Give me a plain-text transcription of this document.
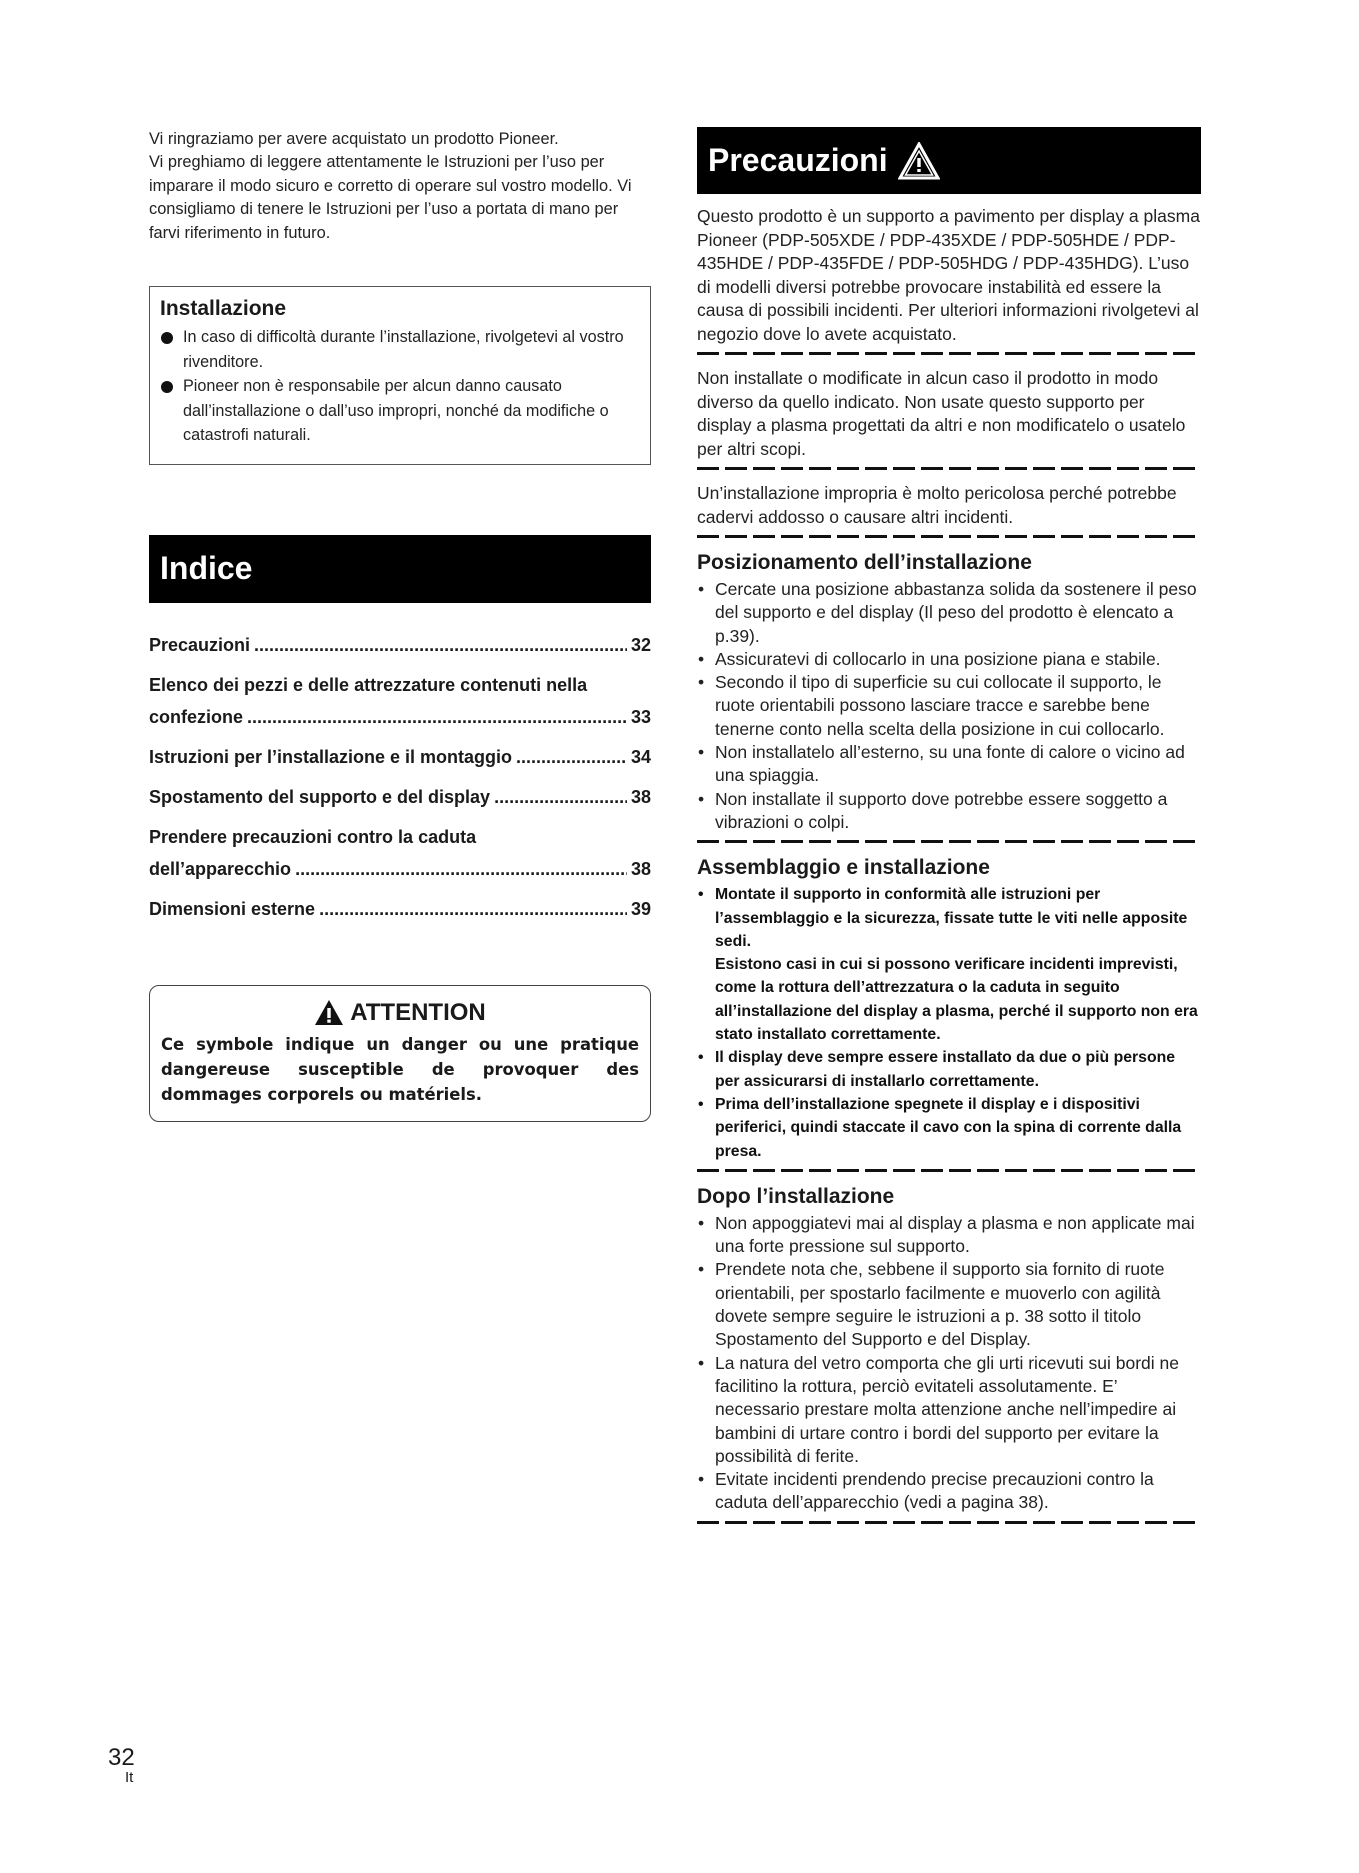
Vi ringraziamo per avere acquistato un prodotto Pioneer.

Vi preghiamo di leggere attentamente le Istruzioni per l’uso per imparare il modo sicuro e corretto di operare sul vostro modello. Vi consigliamo di tenere le Istruzioni per l’uso a portata di mano per farvi riferimento in futuro.

Installazione
In caso di difficoltà durante l’installazione, rivolgetevi al vostro rivenditore.
Pioneer non è responsabile per alcun danno causato dall’installazione o dall’uso impropri, nonché da modifiche o catastrofi naturali.
Indice
Precauzioni .....	32
Elenco dei pezzi e delle attrezzature contenuti nella
confezione .....	33
Istruzioni per l’installazione e il montaggio .....	34
Spostamento del supporto e del display .....	38
Prendere precauzioni contro la caduta
dell’apparecchio .....	38
Dimensioni esterne .....	39
ATTENTION
Ce symbole indique un danger ou une pratique dangereuse susceptible de provoquer des dommages corporels ou matériels.
Precauzioni

Questo prodotto è un supporto a pavimento per display a plasma Pioneer (PDP-505XDE / PDP-435XDE / PDP-505HDE / PDP-435HDE / PDP-435FDE / PDP-505HDG / PDP-435HDG). L’uso di modelli diversi potrebbe provocare instabilità ed essere la causa di possibili incidenti. Per ulteriori informazioni rivolgetevi al negozio dove lo avete acquistato.

Non installate o modificate in alcun caso il prodotto in modo diverso da quello indicato. Non usate questo supporto per display a plasma progettati da altri e non modificatelo o usatelo per altri scopi.

Un’installazione impropria è molto pericolosa perché potrebbe cadervi addosso o causare altri incidenti.

Posizionamento dell’installazione
• Cercate una posizione abbastanza solida da sostenere il peso del supporto e del display (Il peso del prodotto è elencato a p.39).
• Assicuratevi di collocarlo in una posizione piana e stabile.
• Secondo il tipo di superficie su cui collocate il supporto, le ruote orientabili possono lasciare tracce e sarebbe bene tenerne conto nella scelta della posizione in cui collocarlo.
• Non installatelo all’esterno, su una fonte di calore o vicino ad una spiaggia.
• Non installate il supporto dove potrebbe essere soggetto a vibrazioni o colpi.
Assemblaggio e installazione
• Montate il supporto in conformità alle istruzioni per l’assemblaggio e la sicurezza, fissate tutte le viti nelle apposite sedi.
Esistono casi in cui si possono verificare incidenti imprevisti, come la rottura dell’attrezzatura o la caduta in seguito all’installazione del display a plasma, perché il supporto non era stato installato correttamente.
• Il display deve sempre essere installato da due o più persone per assicurarsi di installarlo correttamente.
• Prima dell’installazione spegnete il display e i dispositivi periferici, quindi staccate il cavo con la spina di corrente dalla presa.
Dopo l’installazione
• Non appoggiatevi mai al display a plasma e non applicate mai una forte pressione sul supporto.
• Prendete nota che, sebbene il supporto sia fornito di ruote orientabili, per spostarlo facilmente e muoverlo con agilità dovete sempre seguire le istruzioni a p. 38 sotto il titolo Spostamento del Supporto e del Display.
• La natura del vetro comporta che gli urti ricevuti sui bordi ne facilitino la rottura, perciò evitateli assolutamente. E’ necessario prestare molta attenzione anche nell’impedire ai bambini di urtare contro i bordi del supporto per evitare la possibilità di ferite.
• Evitate incidenti prendendo precise precauzioni contro la caduta dell’apparecchio (vedi a pagina 38).
32
It
